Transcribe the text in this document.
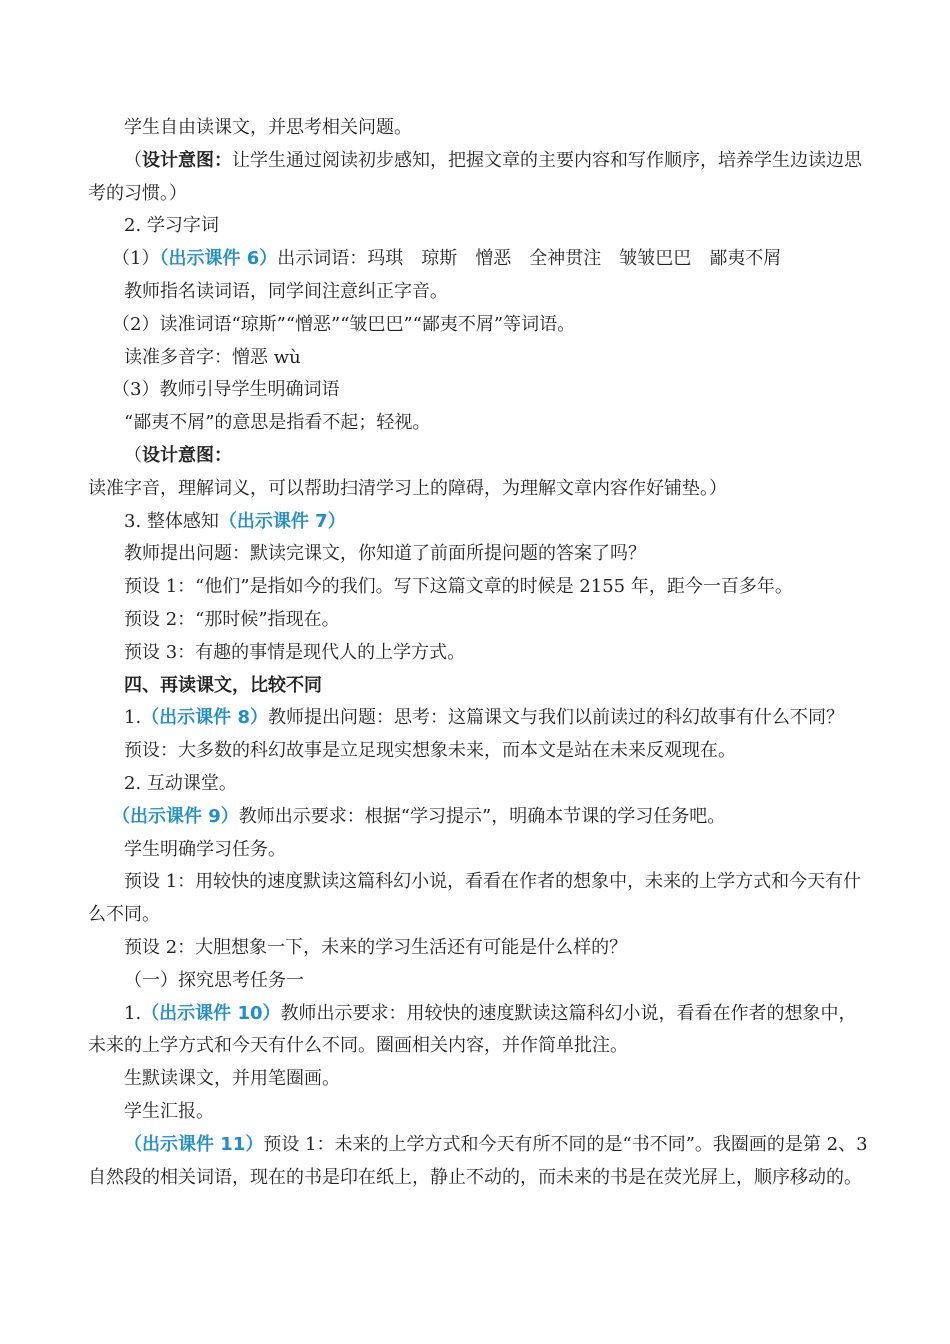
学生自由读课文，并思考相关问题。

（设计意图：让学生通过阅读初步感知，把握文章的主要内容和写作顺序，培养学生边读边思考的习惯。）

2. 学习字词

（1）（出示课件 6）出示词语：玛琪　琼斯　憎恶　全神贯注　皱皱巴巴　鄙夷不屑

教师指名读词语，同学间注意纠正字音。

（2）读准词语“琼斯”“憎恶”“皱巴巴”“鄙夷不屑”等词语。

读准多音字：憎恶 wù

（3）教师引导学生明确词语

“鄙夷不屑”的意思是指看不起；轻视。

（设计意图：读准字音，理解词义，可以帮助扫清学习上的障碍，为理解文章内容作好铺垫。）

3. 整体感知（出示课件 7）

教师提出问题：默读完课文，你知道了前面所提问题的答案了吗？

预设 1：“他们”是指如今的我们。写下这篇文章的时候是 2155 年，距今一百多年。

预设 2：“那时候”指现在。

预设 3：有趣的事情是现代人的上学方式。

四、再读课文，比较不同

1.（出示课件 8）教师提出问题：思考：这篇课文与我们以前读过的科幻故事有什么不同？

预设：大多数的科幻故事是立足现实想象未来，而本文是站在未来反观现在。

2. 互动课堂。

（出示课件 9）教师出示要求：根据“学习提示”，明确本节课的学习任务吧。

学生明确学习任务。

预设 1：用较快的速度默读这篇科幻小说，看看在作者的想象中，未来的上学方式和今天有什么不同。

预设 2：大胆想象一下，未来的学习生活还有可能是什么样的？

（一）探究思考任务一

1.（出示课件 10）教师出示要求：用较快的速度默读这篇科幻小说，看看在作者的想象中，未来的上学方式和今天有什么不同。圈画相关内容，并作简单批注。

生默读课文，并用笔圈画。

学生汇报。

（出示课件 11）预设 1：未来的上学方式和今天有所不同的是“书不同”。我圈画的是第 2、3 自然段的相关词语，现在的书是印在纸上，静止不动的，而未来的书是在荧光屏上，顺序移动的。
